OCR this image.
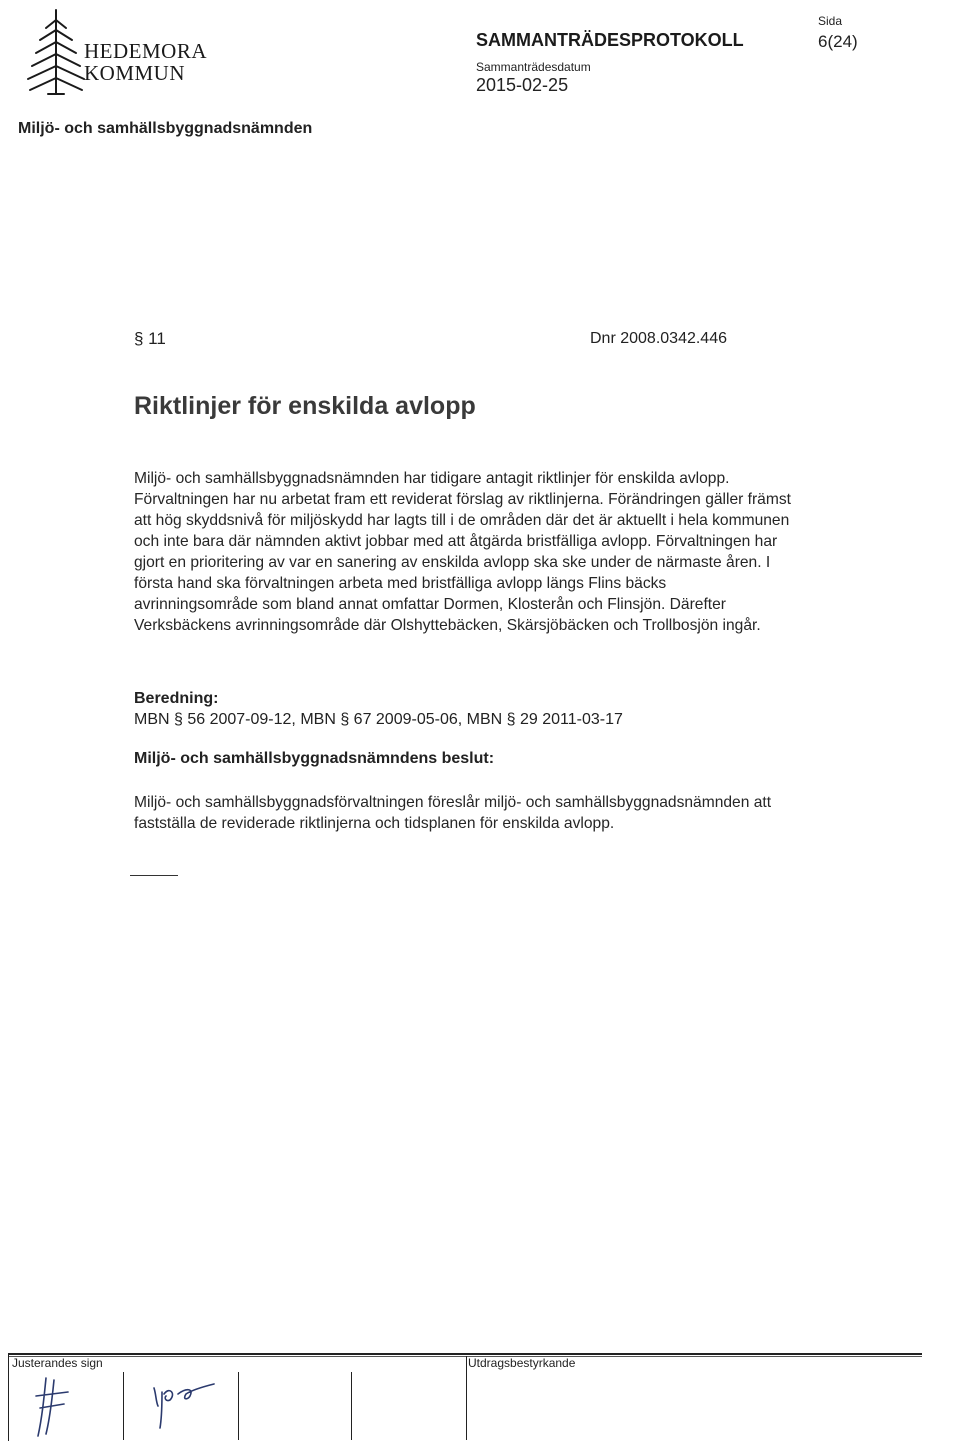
HEDEMORA
KOMMUN
SAMMANTRÄDESPROTOKOLL
Sammanträdesdatum
2015-02-25
Sida
6(24)
Miljö- och samhällsbyggnadsnämnden
§ 11	Dnr 2008.0342.446
Riktlinjer för enskilda avlopp
Miljö- och samhällsbyggnadsnämnden har tidigare antagit riktlinjer för enskilda avlopp. Förvaltningen har nu arbetat fram ett reviderat förslag av riktlinjerna. Förändringen gäller främst att hög skyddsnivå för miljöskydd har lagts till i de områden där det är aktuellt i hela kommunen och inte bara där nämnden aktivt jobbar med att åtgärda bristfälliga avlopp. Förvaltningen har gjort en prioritering av var en sanering av enskilda avlopp ska ske under de närmaste åren. I första hand ska förvaltningen arbeta med bristfälliga avlopp längs Flins bäcks avrinningsområde som bland annat omfattar Dormen, Klosterån och Flinsjön. Därefter Verksbäckens avrinningsområde där Olshyttebäcken, Skärsjöbäcken och Trollbosjön ingår.
Beredning:
MBN § 56 2007-09-12, MBN § 67 2009-05-06, MBN § 29 2011-03-17
Miljö- och samhällsbyggnadsnämndens beslut:
Miljö- och samhällsbyggnadsförvaltningen föreslår miljö- och samhällsbyggnadsnämnden att fastställa de reviderade riktlinjerna och tidsplanen för enskilda avlopp.
Justerandes sign	Utdragsbestyrkande
